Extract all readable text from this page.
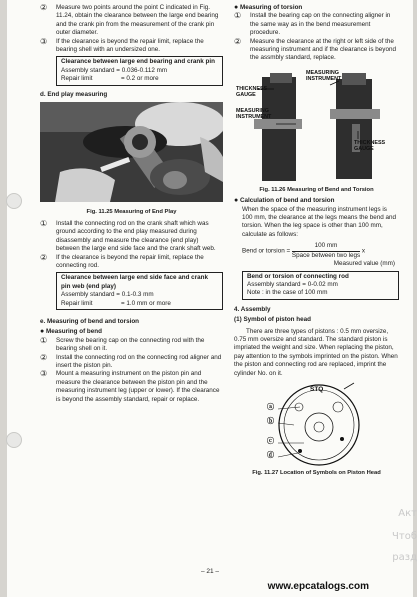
② Measure two points around the point C indicated in Fig. 11.24, obtain the clearance between the large end bearing and the crank pin from the measurement of the crank pin outer diameter.

③ If the clearance is beyond the repair limit, replace the bearing shell with an undersized one.

Clearance between large end bearing and crank pin

Assembly standard = 0.036-0.112 mm

Repair limit	= 0.2 or more

d. End play measuring

Fig. 11.25 Measuring of End Play

① Install the connecting rod on the crank shaft which was ground according to the end play measured during disassembly and measure the clearance (end play) between the large end side face and the crank shaft web.

② If the clearance is beyond the repair limit, replace the connecting rod.

Clearance between large end side face and crank pin web (end play)

Assembly standard = 0.1-0.3 mm

Repair limit	= 1.0 mm or more

e. Measuring of bend and torsion

● Measuring of bend

① Screw the bearing cap on the connecting rod with the bearing shell on it.

② Install the connecting rod on the connecting rod aligner and insert the piston pin.

③ Mount a measuring instrument on the piston pin and measure the clearance between the piston pin and the measuring instrument leg (upper or lower). If the clearance is beyond the assembly standard, repair or replace.

● Measuring of torsion

① Install the bearing cap on the connecting aligner in the same way as in the bend measurement procedure.

② Measure the clearance at the right or left side of the measuring instrument and if the clearance is beyond the assmbly standard, replace.

THICKNESS
GAUGE
MEASURING
INSTRUMENT
MEASURING
INSTRUMENT
THICKNESS
GAUGE

Fig. 11.26 Measuring of Bend and Torsion

● Calculation of bend and torsion

When the space of the measuring instrument legs is 100 mm, the clearance at the legs means the bend and torsion. When the leg space is other than 100 mm, calculate as follows:

Bend or torsion =
100 mm
Space between two legs
x

Measured value (mm)

Bend or torsion of connecting rod

Assembly standard = 0-0.02 mm

Note : in the case of 100 mm

4. Assembly

(1) Symbol of piston head

There are three types of pistons : 0.5 mm oversize, 0.75 mm oversize and standard. The standard piston is impriated the weight and size. When replacing the piston, pay attention to the symbols imprinted on the piston. When the piston and connecting rod are replaced, imprint the cylinder No. on it.

STQ
ⓐ
ⓑ
ⓒ
ⓓ

Fig. 11.27 Location of Symbols on Piston Head

– 21 –
Акт
Чтоб
разд
www.epcatalogs.com
